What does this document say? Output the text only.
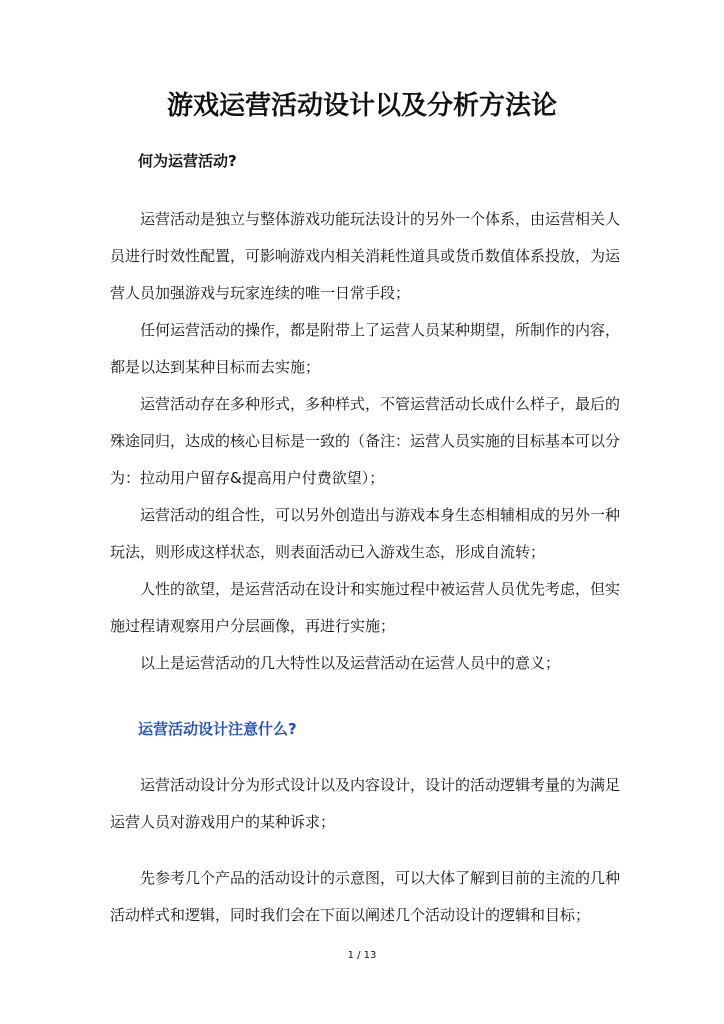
游戏运营活动设计以及分析方法论
何为运营活动?

运营活动是独立与整体游戏功能玩法设计的另外一个体系，由运营相关人员进行时效性配置，可影响游戏内相关消耗性道具或货币数值体系投放，为运营人员加强游戏与玩家连续的唯一日常手段；

任何运营活动的操作，都是附带上了运营人员某种期望，所制作的内容，都是以达到某种目标而去实施；

运营活动存在多种形式，多种样式，不管运营活动长成什么样子，最后的殊途同归，达成的核心目标是一致的（备注：运营人员实施的目标基本可以分为：拉动用户留存&提高用户付费欲望）；

运营活动的组合性，可以另外创造出与游戏本身生态相辅相成的另外一种玩法，则形成这样状态，则表面活动已入游戏生态，形成自流转；

人性的欲望，是运营活动在设计和实施过程中被运营人员优先考虑，但实施过程请观察用户分层画像，再进行实施；

以上是运营活动的几大特性以及运营活动在运营人员中的意义；

运营活动设计注意什么?

运营活动设计分为形式设计以及内容设计，设计的活动逻辑考量的为满足运营人员对游戏用户的某种诉求；

先参考几个产品的活动设计的示意图，可以大体了解到目前的主流的几种活动样式和逻辑，同时我们会在下面以阐述几个活动设计的逻辑和目标；

1 / 13
